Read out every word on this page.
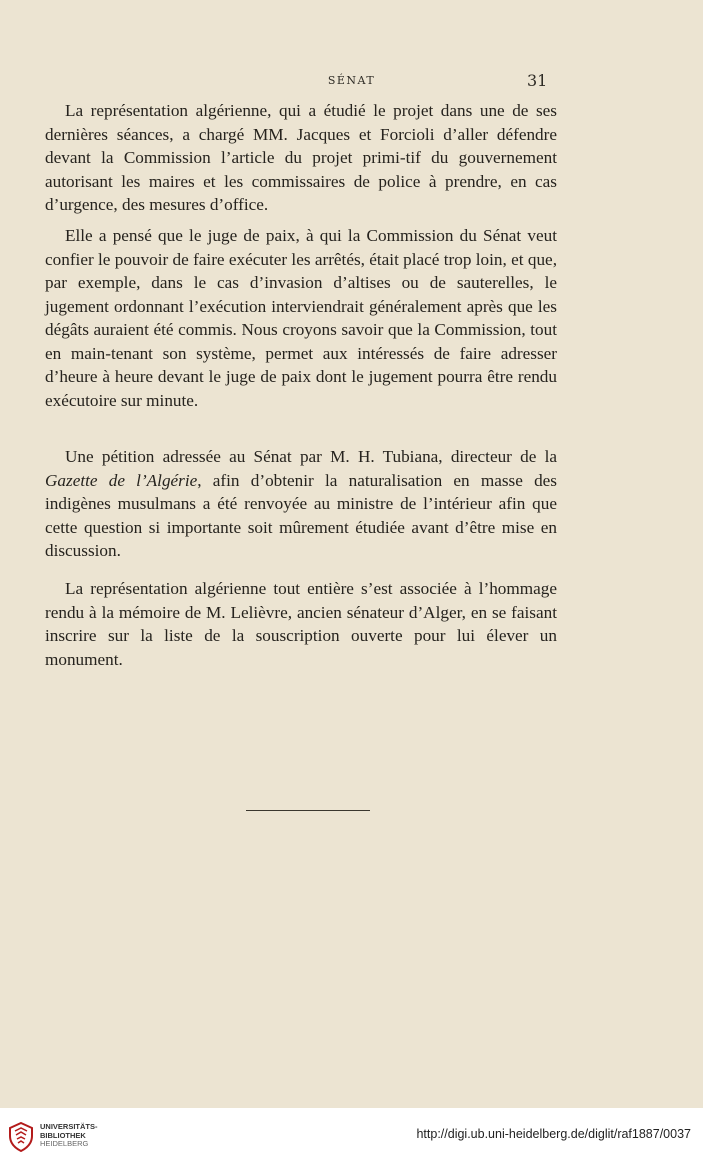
SÉNAT	31

La représentation algérienne, qui a étudié le projet dans une de ses dernières séances, a chargé MM. Jacques et Forcioli d’aller défendre devant la Commission l’article du projet primi-tif du gouvernement autorisant les maires et les commissaires de police à prendre, en cas d’urgence, des mesures d’office.

Elle a pensé que le juge de paix, à qui la Commission du Sénat veut confier le pouvoir de faire exécuter les arrêtés, était placé trop loin, et que, par exemple, dans le cas d’invasion d’altises ou de sauterelles, le jugement ordonnant l’exécution interviendrait généralement après que les dégâts auraient été commis. Nous croyons savoir que la Commission, tout en main-tenant son système, permet aux intéressés de faire adresser d’heure à heure devant le juge de paix dont le jugement pourra être rendu exécutoire sur minute.

Une pétition adressée au Sénat par M. H. Tubiana, directeur de la Gazette de l’Algérie, afin d’obtenir la naturalisation en masse des indigènes musulmans a été renvoyée au ministre de l’intérieur afin que cette question si importante soit mûrement étudiée avant d’être mise en discussion.

La représentation algérienne tout entière s’est associée à l’hommage rendu à la mémoire de M. Lelièvre, ancien sénateur d’Alger, en se faisant inscrire sur la liste de la souscription ouverte pour lui élever un monument.

UNIVERSITÄTS-
BIBLIOTHEK
HEIDELBERG
http://digi.ub.uni-heidelberg.de/diglit/raf1887/0037
